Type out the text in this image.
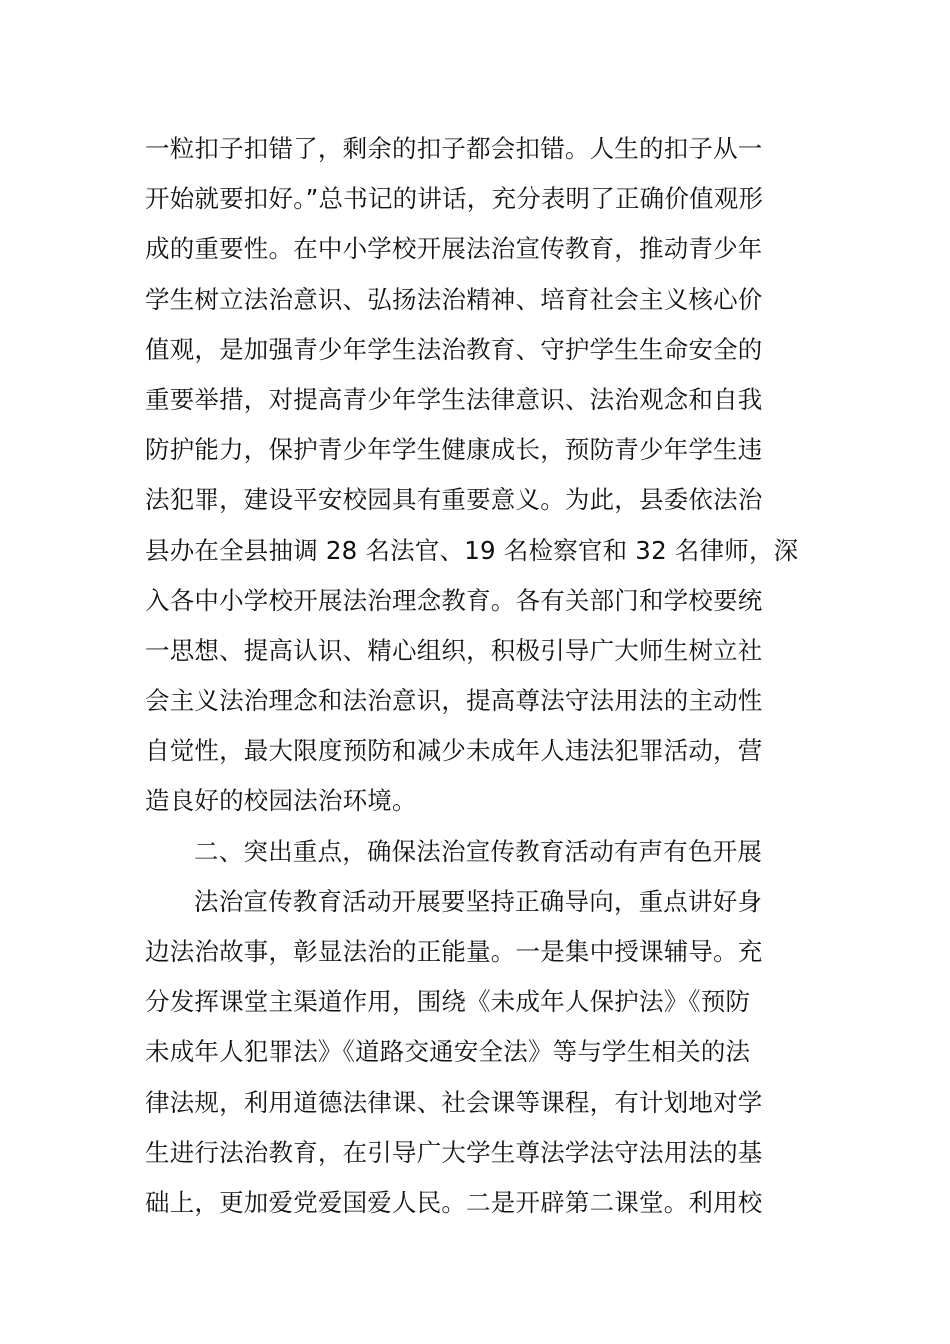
一粒扣子扣错了，剩余的扣子都会扣错。人生的扣子从一
开始就要扣好。”总书记的讲话，充分表明了正确价值观形
成的重要性。在中小学校开展法治宣传教育，推动青少年
学生树立法治意识、弘扬法治精神、培育社会主义核心价
值观，是加强青少年学生法治教育、守护学生生命安全的
重要举措，对提高青少年学生法律意识、法治观念和自我
防护能力，保护青少年学生健康成长，预防青少年学生违
法犯罪，建设平安校园具有重要意义。为此，县委依法治
县办在全县抽调 28 名法官、19 名检察官和 32 名律师，深
入各中小学校开展法治理念教育。各有关部门和学校要统
一思想、提高认识、精心组织，积极引导广大师生树立社
会主义法治理念和法治意识，提高尊法守法用法的主动性
自觉性，最大限度预防和减少未成年人违法犯罪活动，营
造良好的校园法治环境。
二、突出重点，确保法治宣传教育活动有声有色开展
法治宣传教育活动开展要坚持正确导向，重点讲好身
边法治故事，彰显法治的正能量。一是集中授课辅导。充
分发挥课堂主渠道作用，围绕《未成年人保护法》《预防
未成年人犯罪法》《道路交通安全法》等与学生相关的法
律法规，利用道德法律课、社会课等课程，有计划地对学
生进行法治教育，在引导广大学生尊法学法守法用法的基
础上，更加爱党爱国爱人民。二是开辟第二课堂。利用校
